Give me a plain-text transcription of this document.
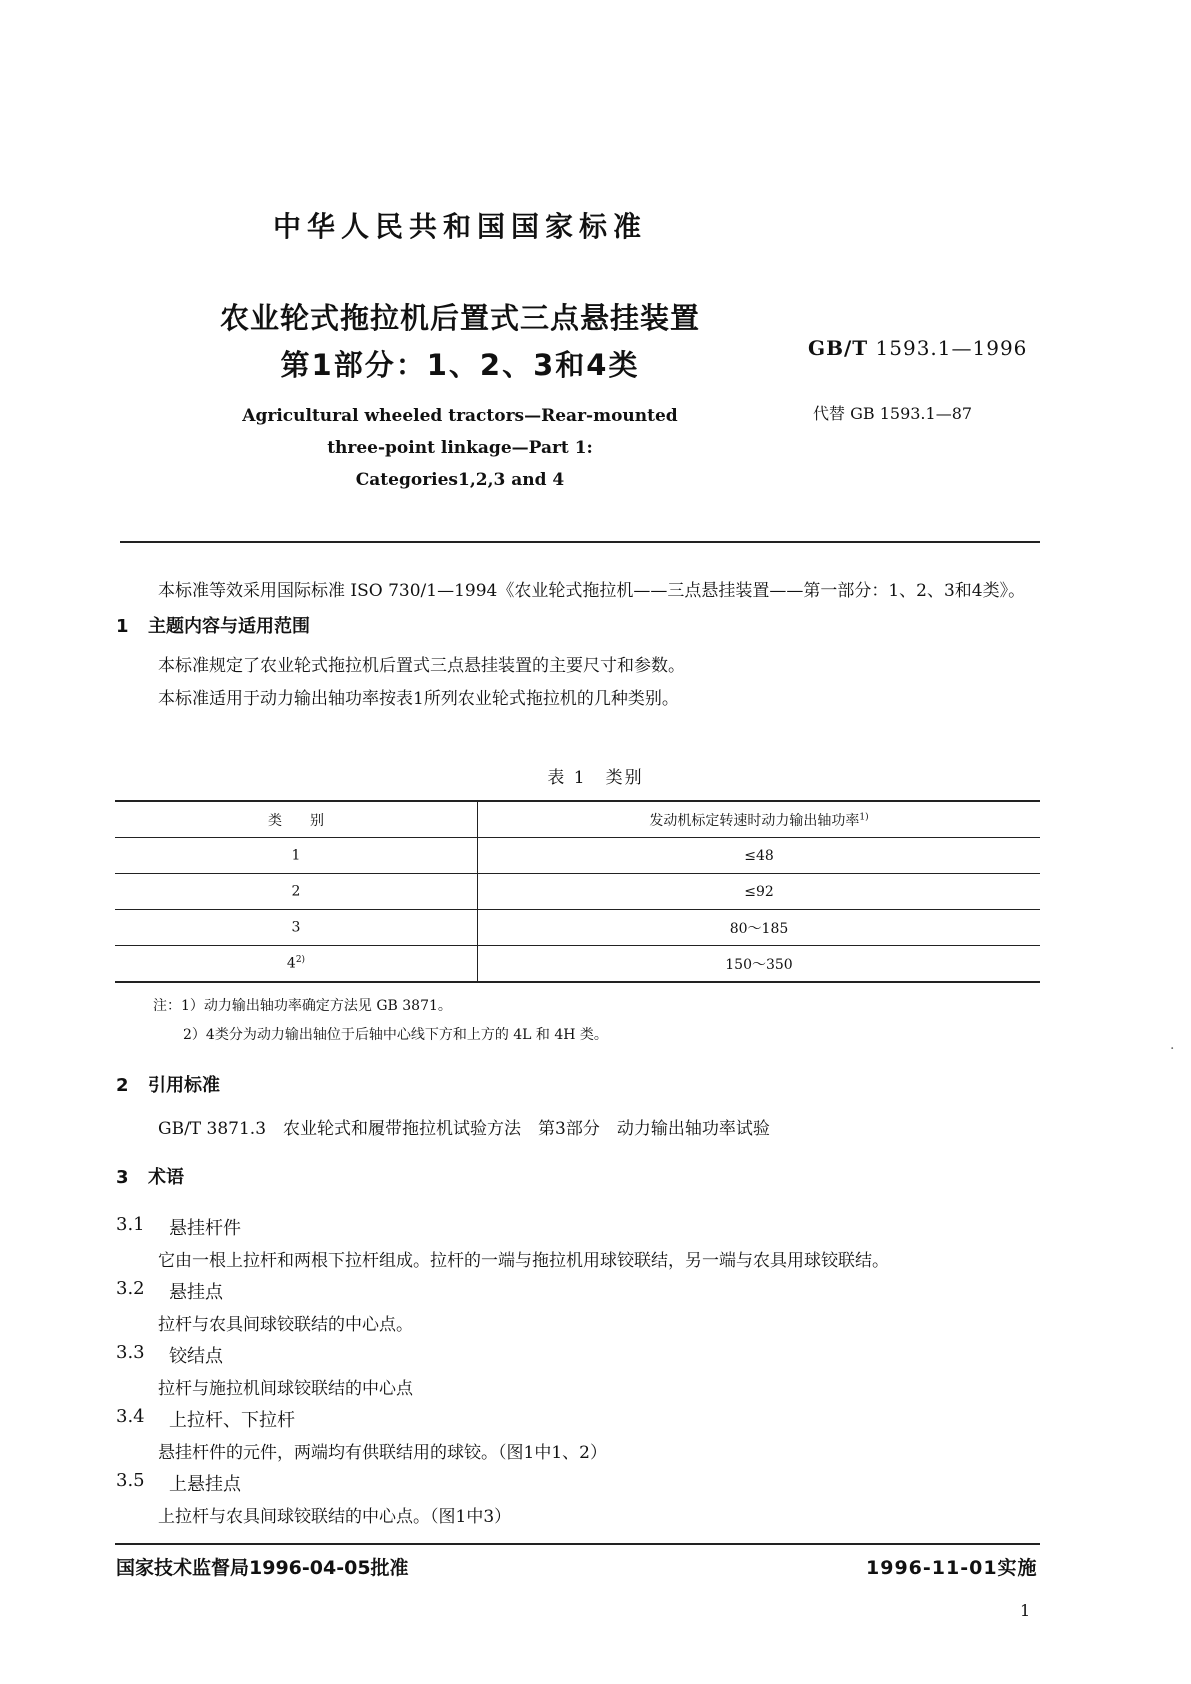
中华人民共和国国家标准
农业轮式拖拉机后置式三点悬挂装置
第1部分：1、2、3和4类	GB/T 1593.1—1996
代替 GB 1593.1—87
Agricultural wheeled tractors—Rear-mounted
three-point linkage—Part 1:
Categories1,2,3 and 4
本标准等效采用国际标准 ISO 730/1—1994《农业轮式拖拉机——三点悬挂装置——第一部分：1、2、3和4类》。
1 主题内容与适用范围
本标准规定了农业轮式拖拉机后置式三点悬挂装置的主要尺寸和参数。
本标准适用于动力输出轴功率按表1所列农业轮式拖拉机的几种类别。
表 1　类别
类　　别	发动机标定转速时动力输出轴功率$^{1)}$
1	≤48
2	≤92
3	80～185
4$^{2)}$	150～350
注：1）动力输出轴功率确定方法见 GB 3871。
2）4类分为动力输出轴位于后轴中心线下方和上方的 4L 和 4H 类。
·
2 引用标准
GB/T 3871.3　农业轮式和履带拖拉机试验方法　第3部分　动力输出轴功率试验
3 术语
3.1	悬挂杆件
它由一根上拉杆和两根下拉杆组成。拉杆的一端与拖拉机用球铰联结，另一端与农具用球铰联结。
3.2	悬挂点
拉杆与农具间球铰联结的中心点。
3.3	铰结点
拉杆与施拉机间球铰联结的中心点
3.4	上拉杆、下拉杆
悬挂杆件的元件，两端均有供联结用的球铰。（图1中1、2）
3.5	上悬挂点
上拉杆与农具间球铰联结的中心点。（图1中3）
国家技术监督局1996-04-05批准	1996-11-01实施
1
